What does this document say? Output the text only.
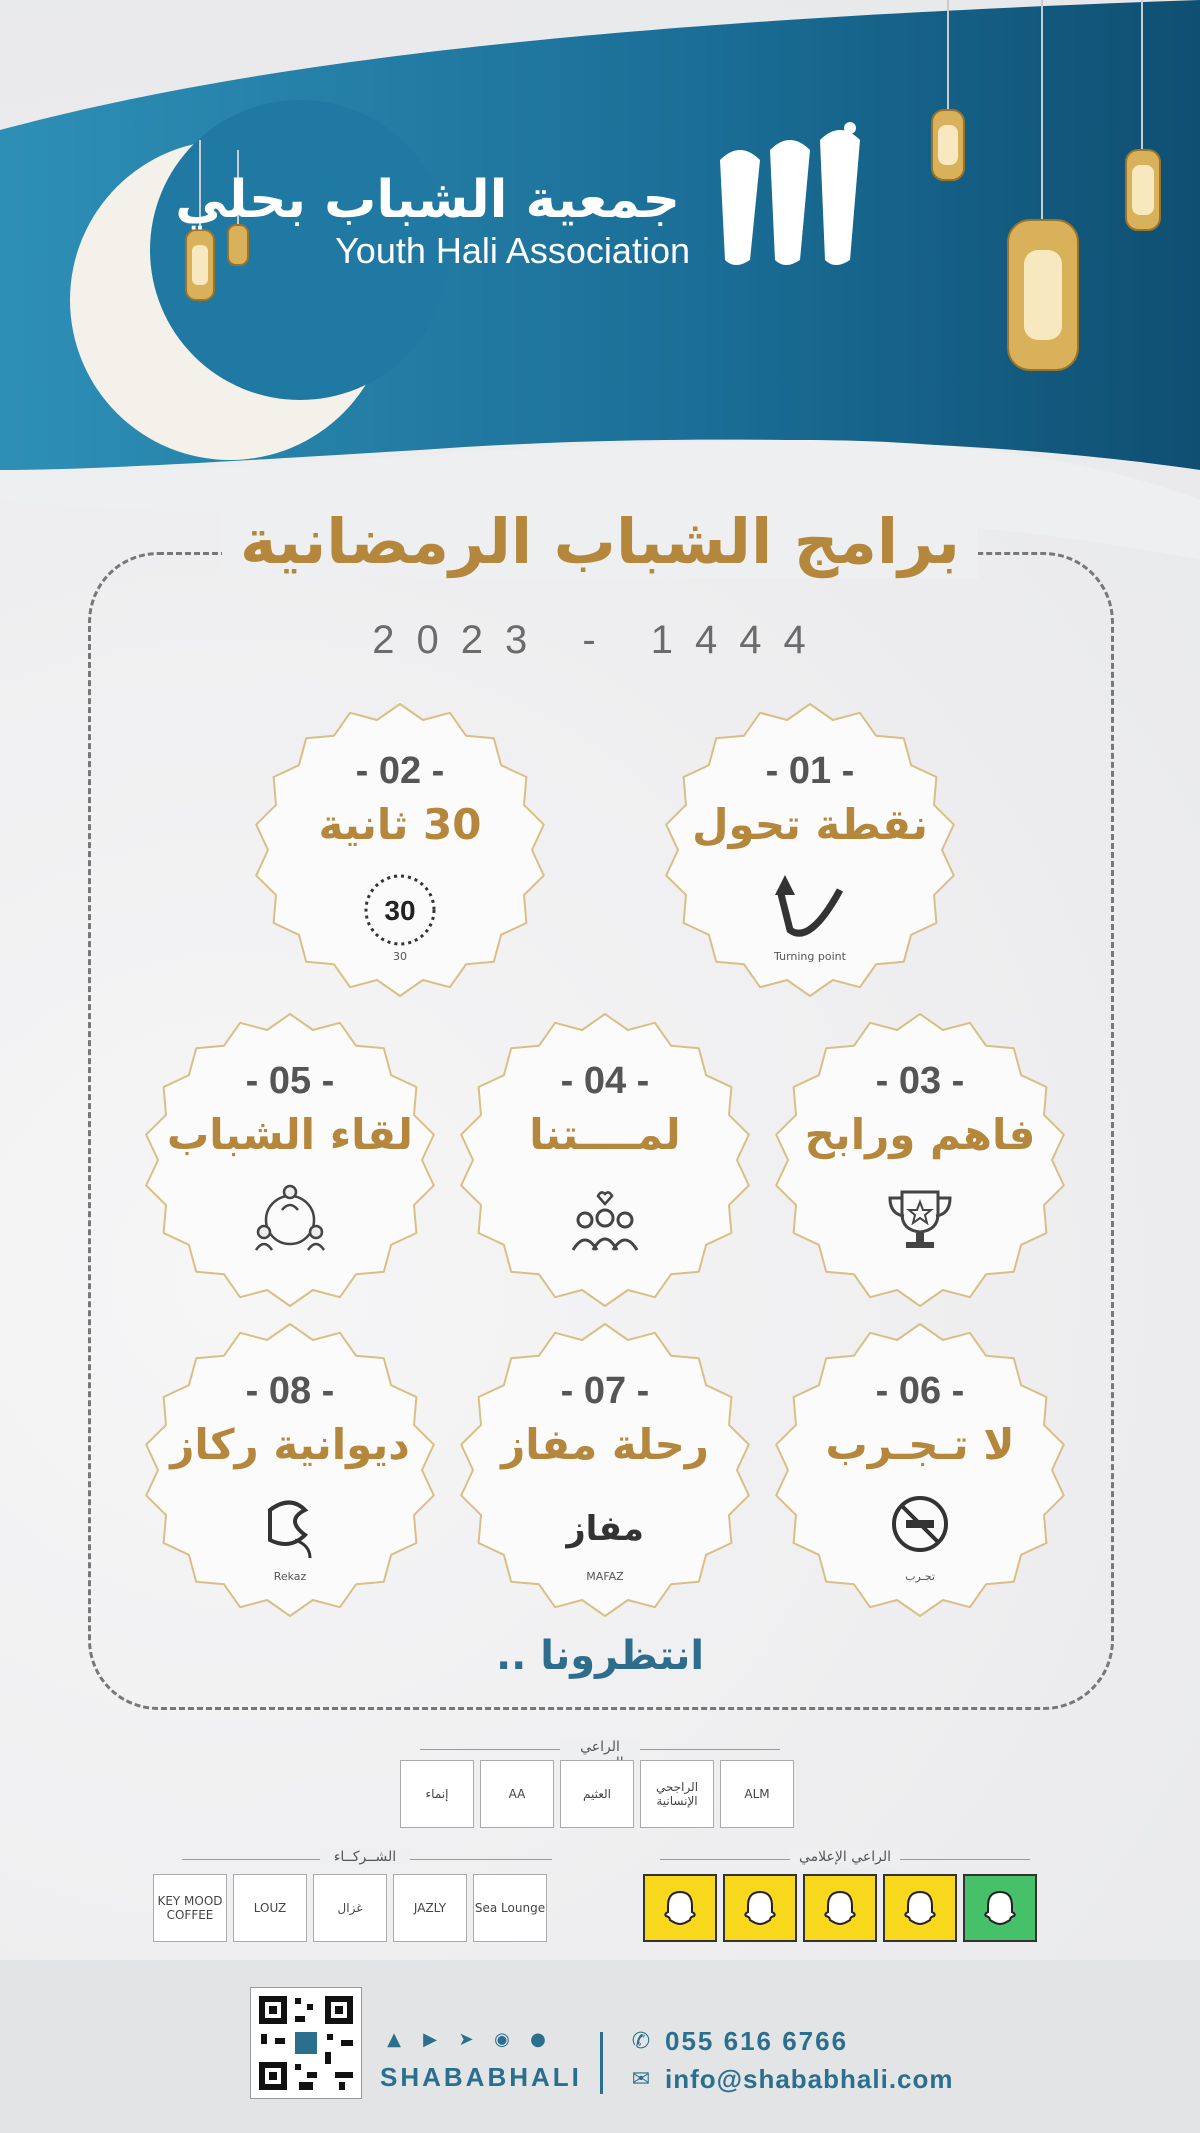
جمعية الشباب بحلي
Youth Hali Association
برامج الشباب الرمضانية
2023 - 1444
- 01 -
نقطة تحول
Turning point
- 02 -
30 ثانية
30
30
- 03 -
فاهم ورابح
- 04 -
لمــــتنا
- 05 -
لقاء الشباب
- 06 -
لا تـجـرب
تجـرب
- 07 -
رحلة مفاز
مفاز
MAFAZ
- 08 -
ديوانية ركاز
Rekaz
انتظرونا ..
الراعي
إنماء	AA	العثيم	الراجحي الإنسانية	ALM
الشــركــاء
KEY MOOD COFFEE	LOUZ	غزال	JAZLY	Sea Lounge
الراعي الإعلامي
▲ ▶ ➤ ◉ ●
SHABABHALI
✆ 055 616 6766
✉ info@shababhali.com
